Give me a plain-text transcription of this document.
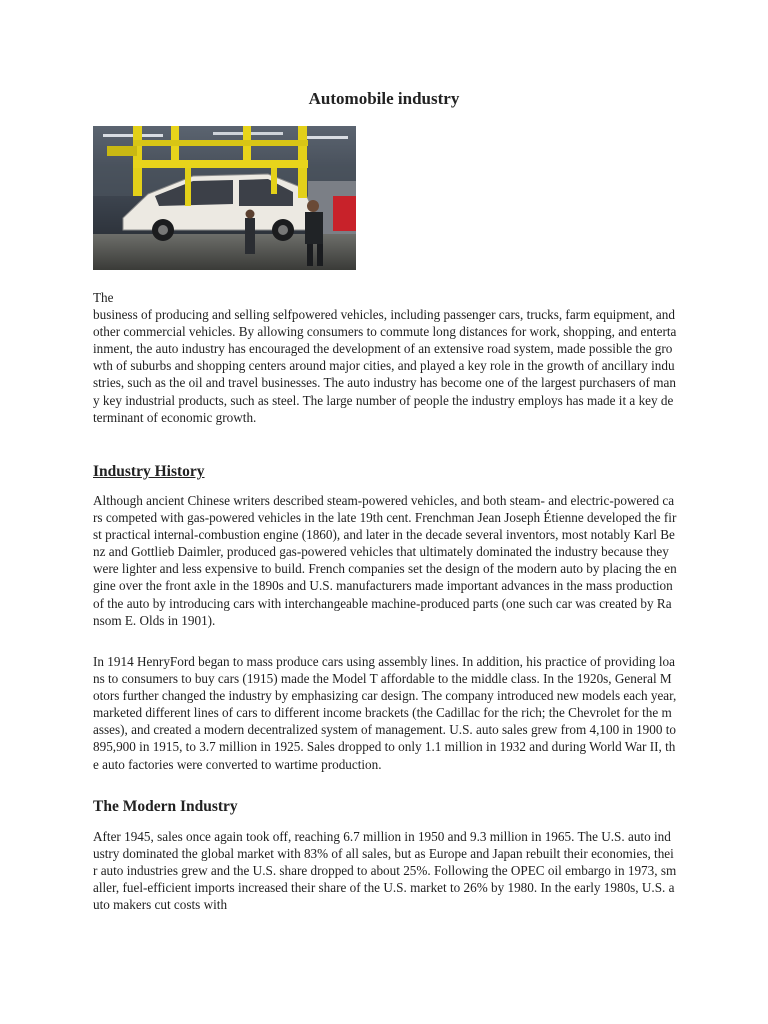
Automobile industry

The

business of producing and selling selfpowered vehicles, including passenger cars, trucks, farm equipment, and other commercial vehicles. By allowing consumers to commute long distances for work, shopping, and entertainment, the auto industry has encouraged the development of an extensive road system, made possible the growth of suburbs and shopping centers around major cities, and played a key role in the growth of ancillary industries, such as the oil and travel businesses. The auto industry has become one of the largest purchasers of many key industrial products, such as steel. The large number of people the industry employs has made it a key determinant of economic growth.

Industry History

Although ancient Chinese writers described steam-powered vehicles, and both steam- and electric-powered cars competed with gas-powered vehicles in the late 19th cent. Frenchman Jean Joseph Étienne developed the first practical internal-combustion engine (1860), and later in the decade several inventors, most notably Karl Benz and Gottlieb Daimler, produced gas-powered vehicles that ultimately dominated the industry because they were lighter and less expensive to build. French companies set the design of the modern auto by placing the engine over the front axle in the 1890s and U.S. manufacturers made important advances in the mass production of the auto by introducing cars with interchangeable machine-produced parts (one such car was created by Ransom E. Olds in 1901).

In 1914 HenryFord began to mass produce cars using assembly lines. In addition, his practice of providing loans to consumers to buy cars (1915) made the Model T affordable to the middle class. In the 1920s, General Motors further changed the industry by emphasizing car design. The company introduced new models each year, marketed different lines of cars to different income brackets (the Cadillac for the rich; the Chevrolet for the masses), and created a modern decentralized system of management. U.S. auto sales grew from 4,100 in 1900 to 895,900 in 1915, to 3.7 million in 1925. Sales dropped to only 1.1 million in 1932 and during World War II, the auto factories were converted to wartime production.

The Modern Industry

After 1945, sales once again took off, reaching 6.7 million in 1950 and 9.3 million in 1965. The U.S. auto industry dominated the global market with 83% of all sales, but as Europe and Japan rebuilt their economies, their auto industries grew and the U.S. share dropped to about 25%. Following the OPEC oil embargo in 1973, smaller, fuel-efficient imports increased their share of the U.S. market to 26% by 1980. In the early 1980s, U.S. auto makers cut costs with
